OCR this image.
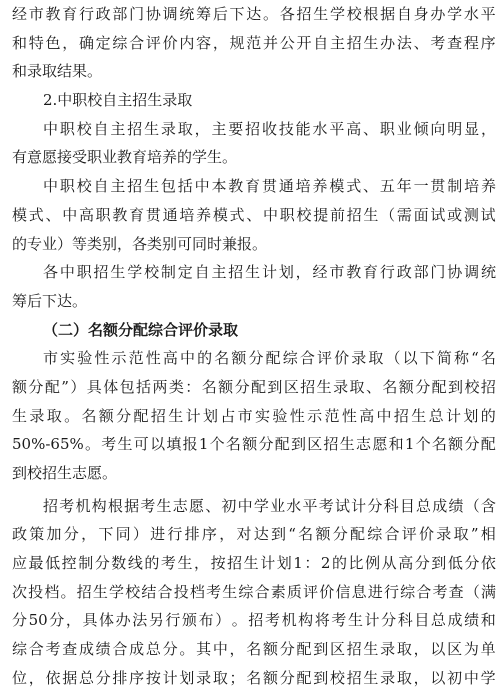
经 市 教 育 行 政 部 门 协 调 统 筹 后 下 达 。 各 招 生 学 校 根 据 自 身 办 学 水 平
和 特 色 ， 确 定 综 合 评 价 内 容 ， 规 范 并 公 开 自 主 招 生 办 法 、 考 查 程 序
和录取结果。
2.中职校自主招生录取
中 职 校 自 主 招 生 录 取 ， 主 要 招 收 技 能 水 平 高 、 职 业 倾 向 明 显 ，
有意愿接受职业教育培养的学生。
中 职 校 自 主 招 生 包 括 中 本 教 育 贯 通 培 养 模 式 、 五 年 一 贯 制 培 养
模 式 、 中 高 职 教 育 贯 通 培 养 模 式 、 中 职 校 提 前 招 生 （ 需 面 试 或 测 试
的专业）等类别，各类别可同时兼报。
各 中 职 招 生 学 校 制 定 自 主 招 生 计 划 ， 经 市 教 育 行 政 部 门 协 调 统
筹后下达。
（二）名额分配综合评价录取
市 实 验 性 示 范 性 高 中 的 名 额 分 配 综 合 评 价 录 取 （ 以 下 简 称 “ 名
额 分 配 ” ） 具 体 包 括 两 类 ： 名 额 分 配 到 区 招 生 录 取 、 名 额 分 配 到 校 招
生 录 取 。 名 额 分 配 招 生 计 划 占 市 实 验 性 示 范 性 高 中 招 生 总 计 划 的
50%-65% 。 考 生 可 以 填 报 1 个 名 额 分 配 到 区 招 生 志 愿 和 1 个 名 额 分 配
到校招生志愿。
招 考 机 构 根 据 考 生 志 愿 、 初 中 学 业 水 平 考 试 计 分 科 目 总 成 绩 （ 含
政 策 加 分 ， 下 同 ） 进 行 排 序 ， 对 达 到 “ 名 额 分 配 综 合 评 价 录 取 ” 相
应 最 低 控 制 分 数 线 的 考 生 ， 按 招 生 计 划 1 ： 2 的 比 例 从 高 分 到 低 分 依
次 投 档 。 招 生 学 校 结 合 投 档 考 生 综 合 素 质 评 价 信 息 进 行 综 合 考 查 （ 满
分 50 分 ， 具 体 办 法 另 行 颁 布 ） 。 招 考 机 构 将 考 生 计 分 科 目 总 成 绩 和
综 合 考 查 成 绩 合 成 总 分 。 其 中 ， 名 额 分 配 到 区 招 生 录 取 ， 以 区 为 单
位 ， 依 据 总 分 排 序 按 计 划 录 取 ； 名 额 分 配 到 校 招 生 录 取 ， 以 初 中 学
